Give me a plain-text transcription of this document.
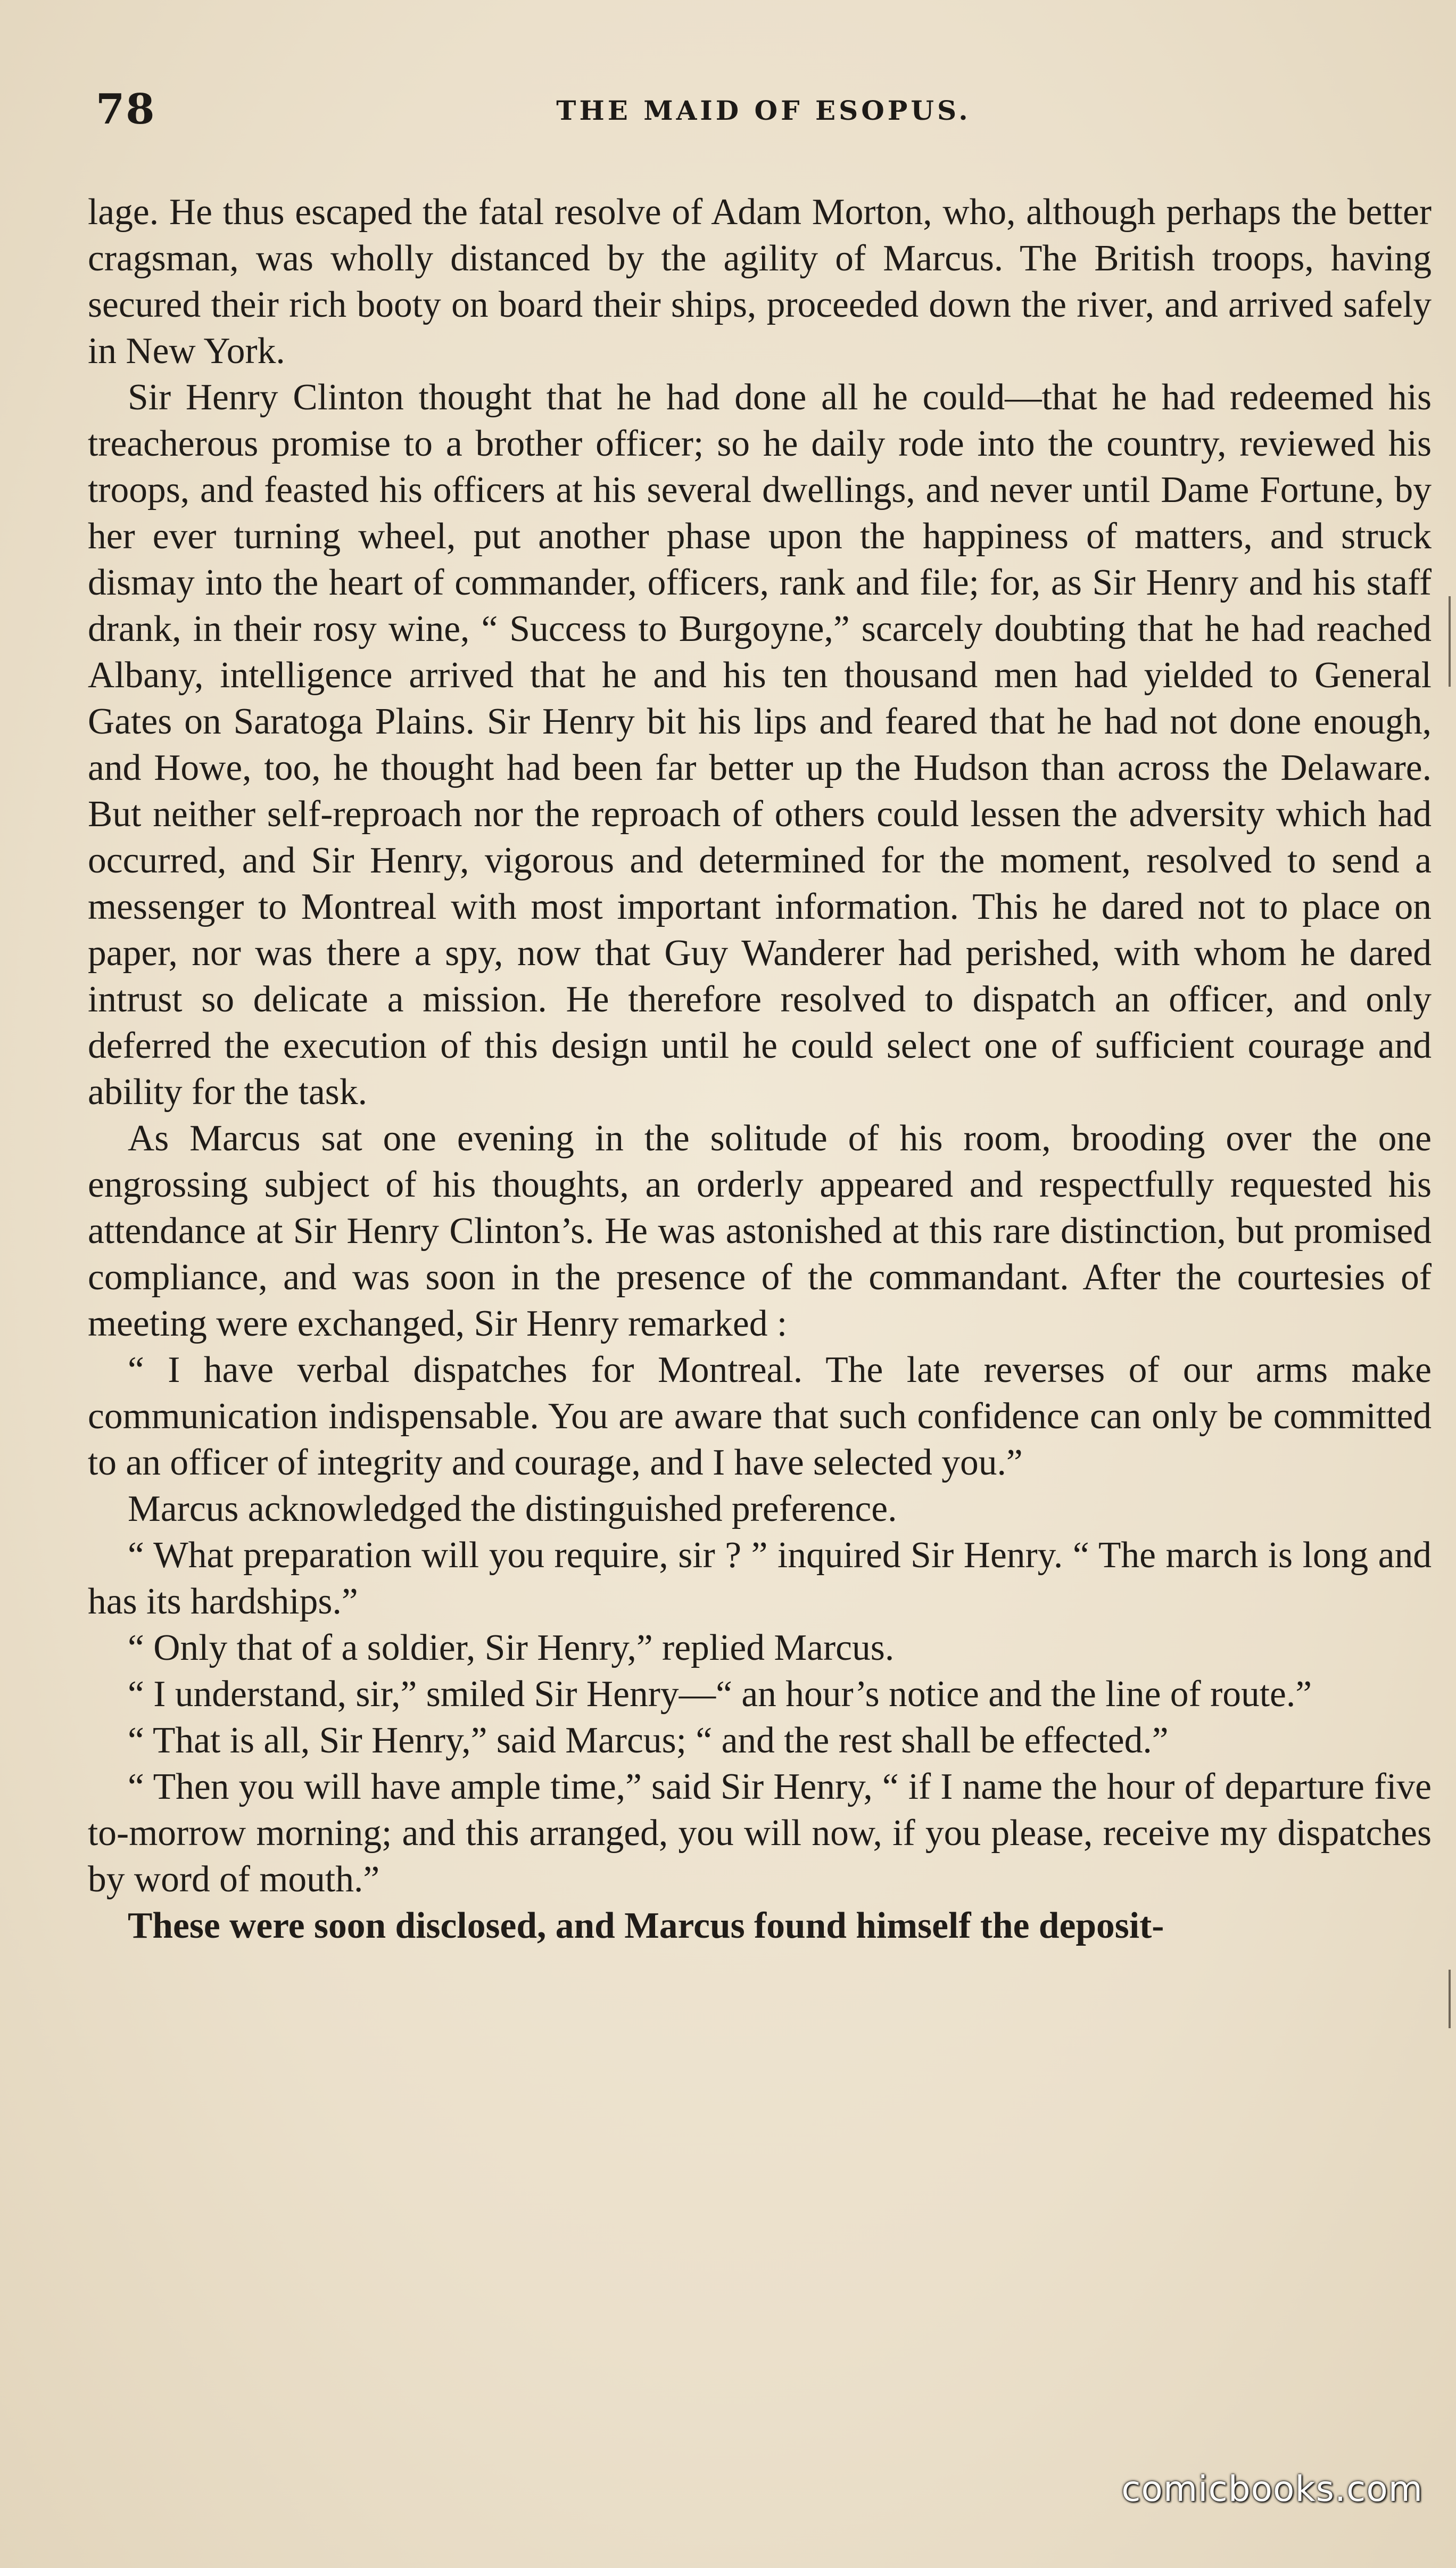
78	THE MAID OF ESOPUS.

lage. He thus escaped the fatal resolve of Adam Morton, who, although perhaps the better cragsman, was wholly distanced by the agility of Marcus. The British troops, having secured their rich booty on board their ships, proceeded down the river, and arrived safely in New York.

Sir Henry Clinton thought that he had done all he could—that he had redeemed his treacherous promise to a brother officer; so he daily rode into the country, reviewed his troops, and feasted his officers at his several dwellings, and never until Dame Fortune, by her ever turning wheel, put another phase upon the happiness of matters, and struck dismay into the heart of commander, officers, rank and file; for, as Sir Henry and his staff drank, in their rosy wine, “ Success to Burgoyne,” scarcely doubting that he had reached Albany, intelligence arrived that he and his ten thousand men had yielded to General Gates on Saratoga Plains. Sir Henry bit his lips and feared that he had not done enough, and Howe, too, he thought had been far better up the Hudson than across the Delaware. But neither self-reproach nor the reproach of others could lessen the adversity which had occurred, and Sir Henry, vigorous and determined for the moment, resolved to send a messenger to Montreal with most important information. This he dared not to place on paper, nor was there a spy, now that Guy Wanderer had perished, with whom he dared intrust so delicate a mission. He therefore resolved to dispatch an officer, and only deferred the execution of this design until he could select one of sufficient courage and ability for the task.

As Marcus sat one evening in the solitude of his room, brooding over the one engrossing subject of his thoughts, an orderly appeared and respectfully requested his attendance at Sir Henry Clinton’s. He was astonished at this rare distinction, but promised compliance, and was soon in the presence of the commandant. After the courtesies of meeting were exchanged, Sir Henry remarked :

“ I have verbal dispatches for Montreal. The late reverses of our arms make communication indispensable. You are aware that such confidence can only be committed to an officer of integrity and courage, and I have selected you.”

Marcus acknowledged the distinguished preference.

“ What preparation will you require, sir ? ” inquired Sir Henry. “ The march is long and has its hardships.”

“ Only that of a soldier, Sir Henry,” replied Marcus.

“ I understand, sir,” smiled Sir Henry—“ an hour’s notice and the line of route.”

“ That is all, Sir Henry,” said Marcus; “ and the rest shall be effected.”

“ Then you will have ample time,” said Sir Henry, “ if I name the hour of departure five to-morrow morning; and this arranged, you will now, if you please, receive my dispatches by word of mouth.”

These were soon disclosed, and Marcus found himself the deposit-

comicbooks.com
